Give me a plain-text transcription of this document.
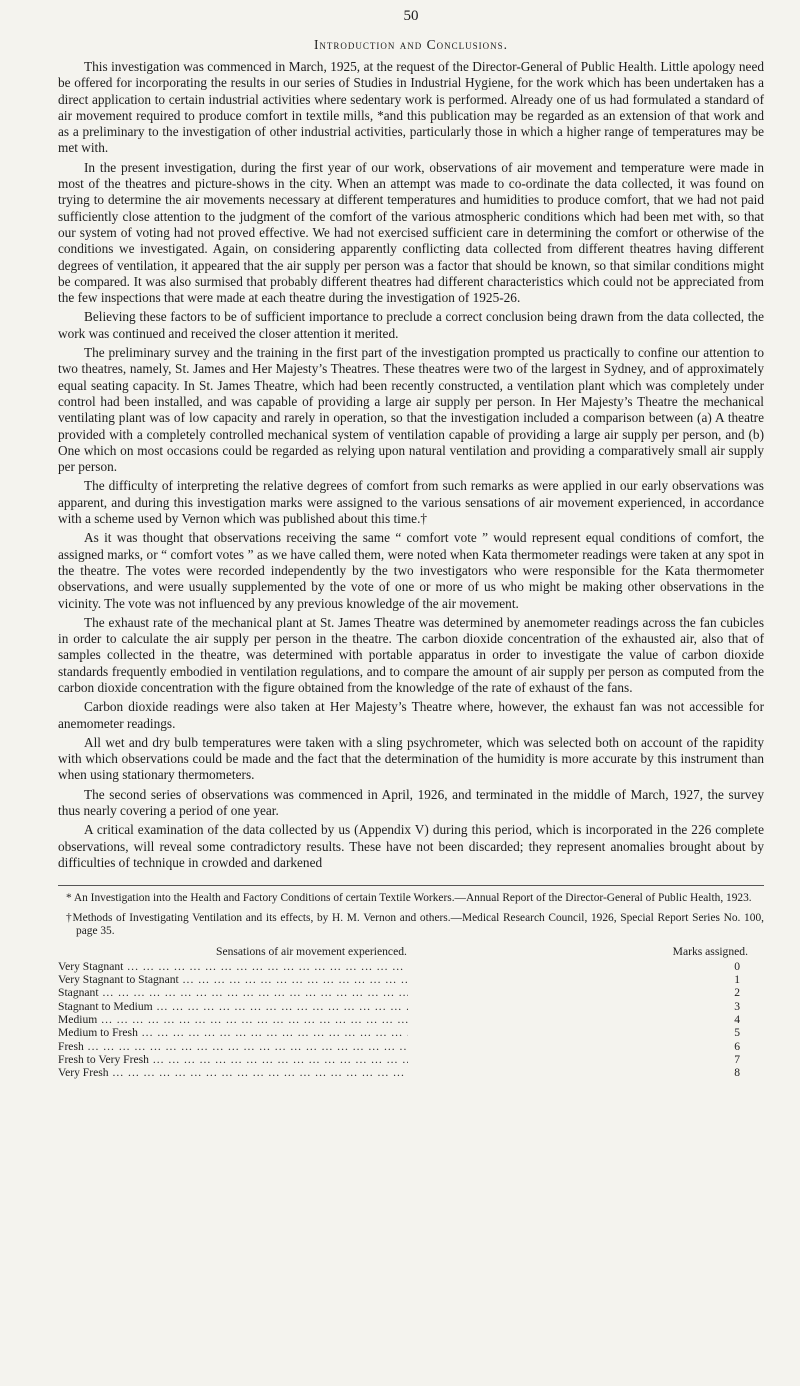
50
Introduction and Conclusions.

This investigation was commenced in March, 1925, at the request of the Director-General of Public Health. Little apology need be offered for incorporating the results in our series of Studies in Industrial Hygiene, for the work which has been undertaken has a direct application to certain industrial activities where sedentary work is performed. Already one of us had formulated a standard of air movement required to produce comfort in textile mills, *and this publication may be regarded as an extension of that work and as a preliminary to the investigation of other industrial activities, particularly those in which a higher range of temperatures may be met with.

In the present investigation, during the first year of our work, observations of air movement and temperature were made in most of the theatres and picture-shows in the city. When an attempt was made to co-ordinate the data collected, it was found on trying to determine the air movements necessary at different temperatures and humidities to produce comfort, that we had not paid sufficiently close attention to the judgment of the comfort of the various atmospheric conditions which had been met with, so that our system of voting had not proved effective. We had not exercised sufficient care in determining the comfort or otherwise of the conditions we investigated. Again, on considering apparently conflicting data collected from different theatres having different degrees of ventilation, it appeared that the air supply per person was a factor that should be known, so that similar conditions might be compared. It was also surmised that probably different theatres had different characteristics which could not be appreciated from the few inspections that were made at each theatre during the investigation of 1925-26.

Believing these factors to be of sufficient importance to preclude a correct conclusion being drawn from the data collected, the work was continued and received the closer attention it merited.

The preliminary survey and the training in the first part of the investigation prompted us practically to confine our attention to two theatres, namely, St. James and Her Majesty’s Theatres. These theatres were two of the largest in Sydney, and of approximately equal seating capacity. In St. James Theatre, which had been recently constructed, a ventilation plant which was completely under control had been installed, and was capable of providing a large air supply per person. In Her Majesty’s Theatre the mechanical ventilating plant was of low capacity and rarely in operation, so that the investigation included a comparison between (a) A theatre provided with a completely controlled mechanical system of ventilation capable of providing a large air supply per person, and (b) One which on most occasions could be regarded as relying upon natural ventilation and providing a comparatively small air supply per person.

The difficulty of interpreting the relative degrees of comfort from such remarks as were applied in our early observations was apparent, and during this investigation marks were assigned to the various sensations of air movement experienced, in accordance with a scheme used by Vernon which was published about this time.†

As it was thought that observations receiving the same “ comfort vote ” would represent equal conditions of comfort, the assigned marks, or “ comfort votes ” as we have called them, were noted when Kata thermometer readings were taken at any spot in the theatre. The votes were recorded independently by the two investigators who were responsible for the Kata thermometer observations, and were usually supplemented by the vote of one or more of us who might be making other observations in the vicinity. The vote was not influenced by any previous knowledge of the air movement.

The exhaust rate of the mechanical plant at St. James Theatre was determined by anemometer readings across the fan cubicles in order to calculate the air supply per person in the theatre. The carbon dioxide concentration of the exhausted air, also that of samples collected in the theatre, was determined with portable apparatus in order to investigate the value of carbon dioxide standards frequently embodied in ventilation regulations, and to compare the amount of air supply per person as computed from the carbon dioxide concentration with the figure obtained from the knowledge of the rate of exhaust of the fans.

Carbon dioxide readings were also taken at Her Majesty’s Theatre where, however, the exhaust fan was not accessible for anemometer readings.

All wet and dry bulb temperatures were taken with a sling psychrometer, which was selected both on account of the rapidity with which observations could be made and the fact that the determination of the humidity is more accurate by this instrument than when using stationary thermometers.

The second series of observations was commenced in April, 1926, and terminated in the middle of March, 1927, the survey thus nearly covering a period of one year.

A critical examination of the data collected by us (Appendix V) during this period, which is incorporated in the 226 complete observations, will reveal some contradictory results. These have not been discarded; they represent anomalies brought about by difficulties of technique in crowded and darkened

* An Investigation into the Health and Factory Conditions of certain Textile Workers.—Annual Report of the Director-General of Public Health, 1923.

†Methods of Investigating Ventilation and its effects, by H. M. Vernon and others.—Medical Research Council, 1926, Special Report Series No. 100, page 35.

Sensations of air movement experienced.	Marks assigned.
Very Stagnant ... .	0
Very Stagnant to Stagnant ... .	1
Stagnant ... .	2
Stagnant to Medium ... .	3
Medium ... .	4
Medium to Fresh ... .	5
Fresh ... .	6
Fresh to Very Fresh ... .	7
Very Fresh ... .	8
